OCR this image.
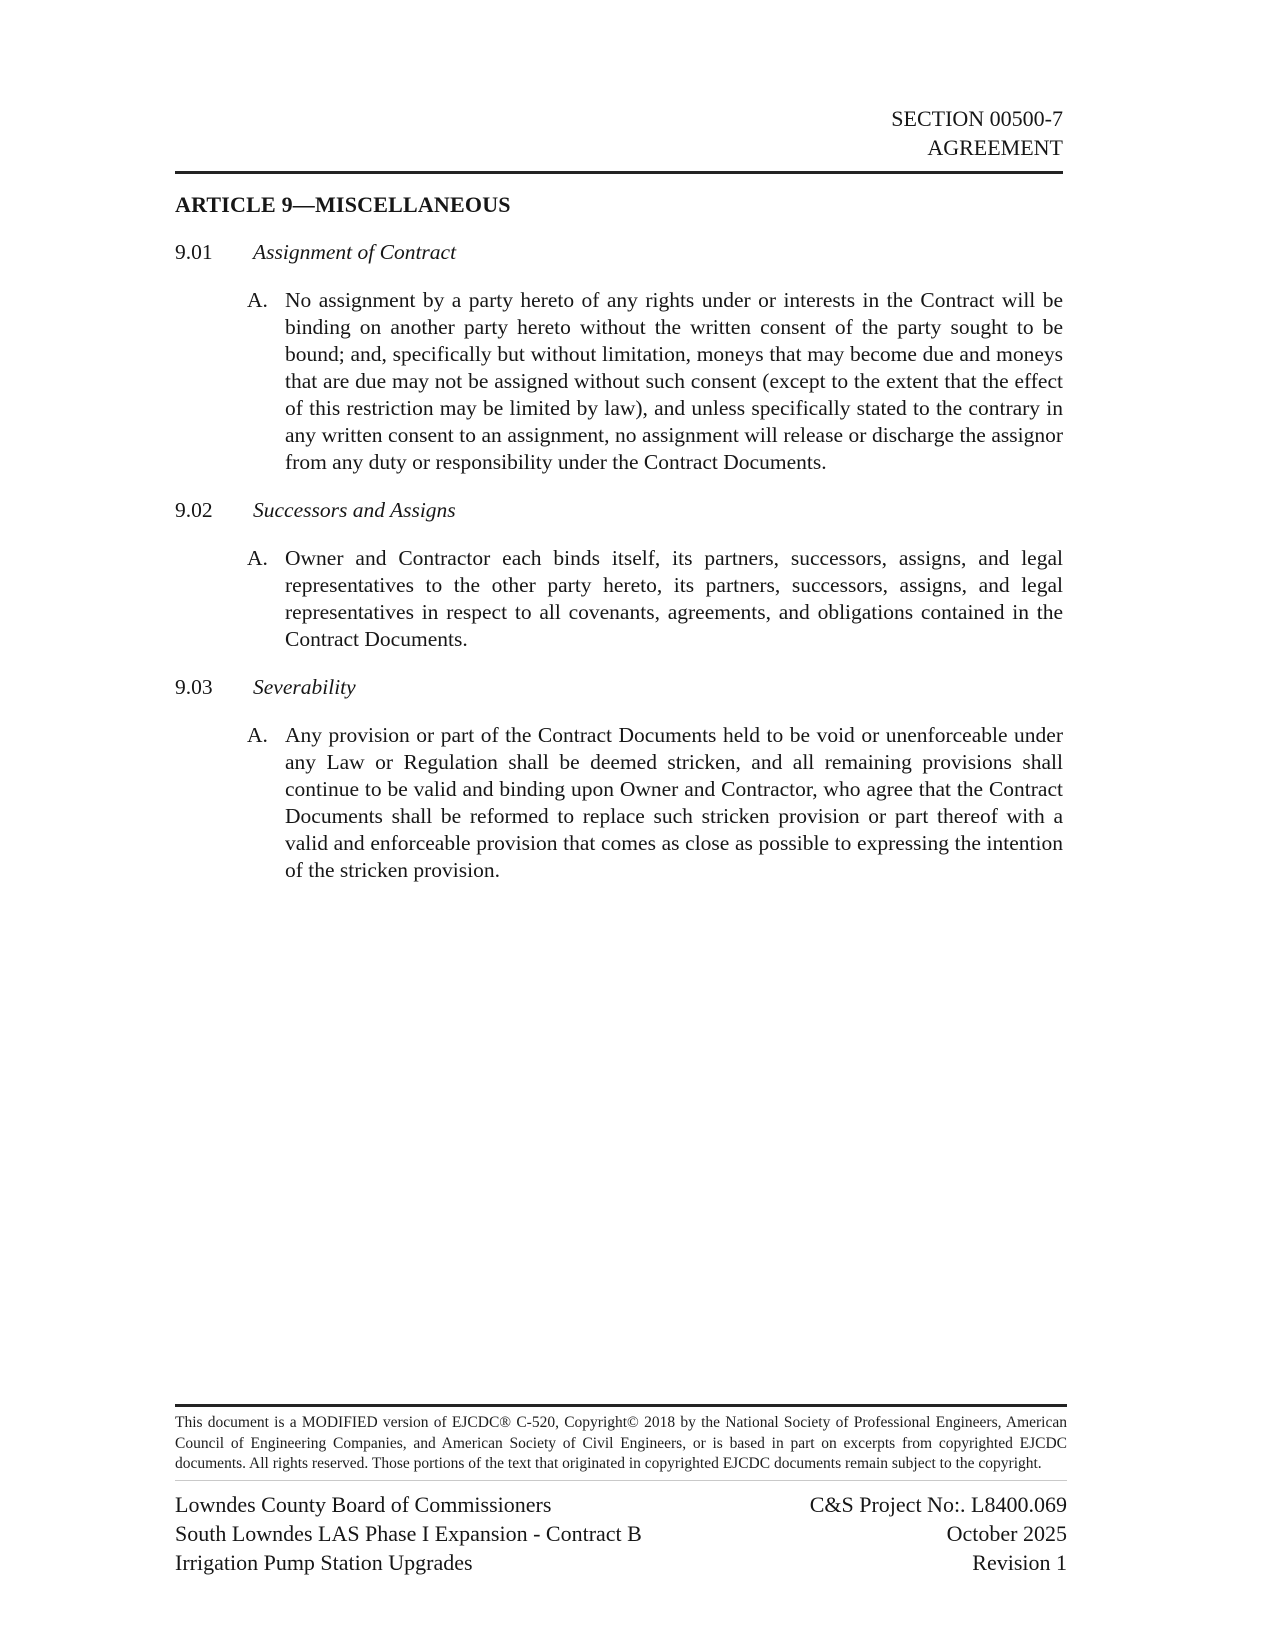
SECTION 00500-7
AGREEMENT
ARTICLE 9—MISCELLANEOUS
9.01	Assignment of Contract
A. No assignment by a party hereto of any rights under or interests in the Contract will be binding on another party hereto without the written consent of the party sought to be bound; and, specifically but without limitation, moneys that may become due and moneys that are due may not be assigned without such consent (except to the extent that the effect of this restriction may be limited by law), and unless specifically stated to the contrary in any written consent to an assignment, no assignment will release or discharge the assignor from any duty or responsibility under the Contract Documents.
9.02	Successors and Assigns
A. Owner and Contractor each binds itself, its partners, successors, assigns, and legal representatives to the other party hereto, its partners, successors, assigns, and legal representatives in respect to all covenants, agreements, and obligations contained in the Contract Documents.
9.03	Severability
A. Any provision or part of the Contract Documents held to be void or unenforceable under any Law or Regulation shall be deemed stricken, and all remaining provisions shall continue to be valid and binding upon Owner and Contractor, who agree that the Contract Documents shall be reformed to replace such stricken provision or part thereof with a valid and enforceable provision that comes as close as possible to expressing the intention of the stricken provision.
This document is a MODIFIED version of EJCDC® C-520, Copyright© 2018 by the National Society of Professional Engineers, American Council of Engineering Companies, and American Society of Civil Engineers, or is based in part on excerpts from copyrighted EJCDC documents. All rights reserved. Those portions of the text that originated in copyrighted EJCDC documents remain subject to the copyright.
Lowndes County Board of Commissioners
South Lowndes LAS Phase I Expansion - Contract B
Irrigation Pump Station Upgrades
C&S Project No:. L8400.069
October 2025
Revision 1
